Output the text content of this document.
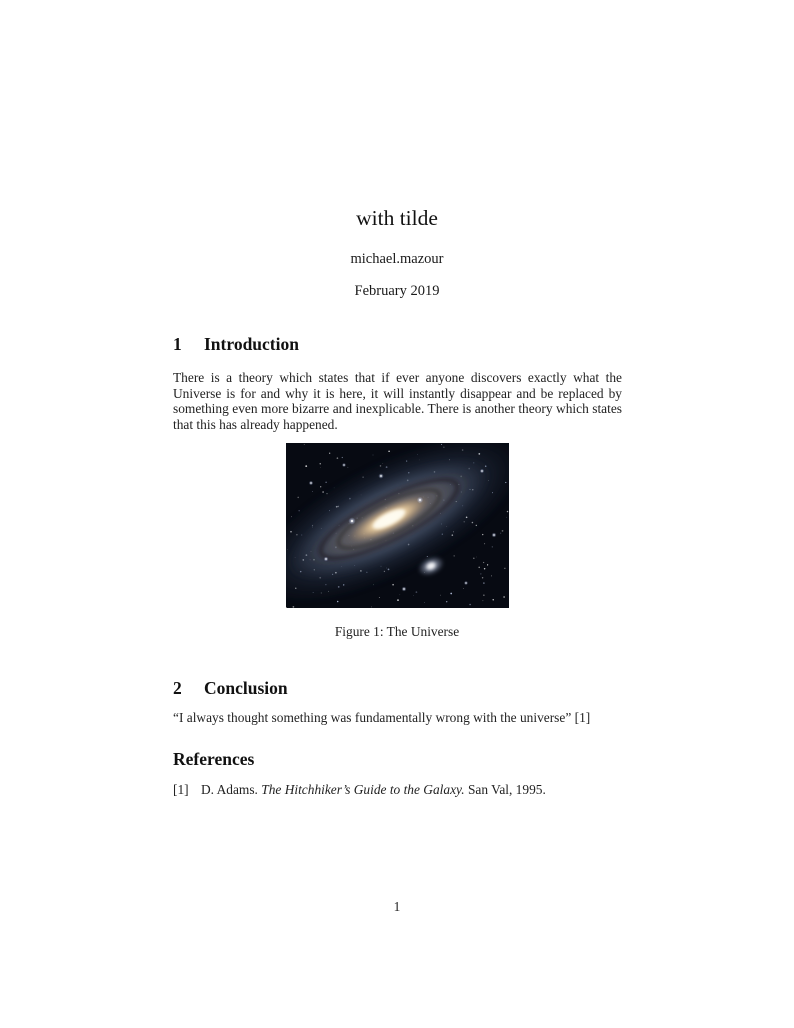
with tilde
michael.mazour
February 2019
1	Introduction

There is a theory which states that if ever anyone discovers exactly what the Universe is for and why it is here, it will instantly disappear and be replaced by something even more bizarre and inexplicable. There is another theory which states that this has already happened.

Figure 1: The Universe
2	Conclusion

“I always thought something was fundamentally wrong with the universe” [1]

References
[1] D. Adams. The Hitchhiker’s Guide to the Galaxy. San Val, 1995.
1
